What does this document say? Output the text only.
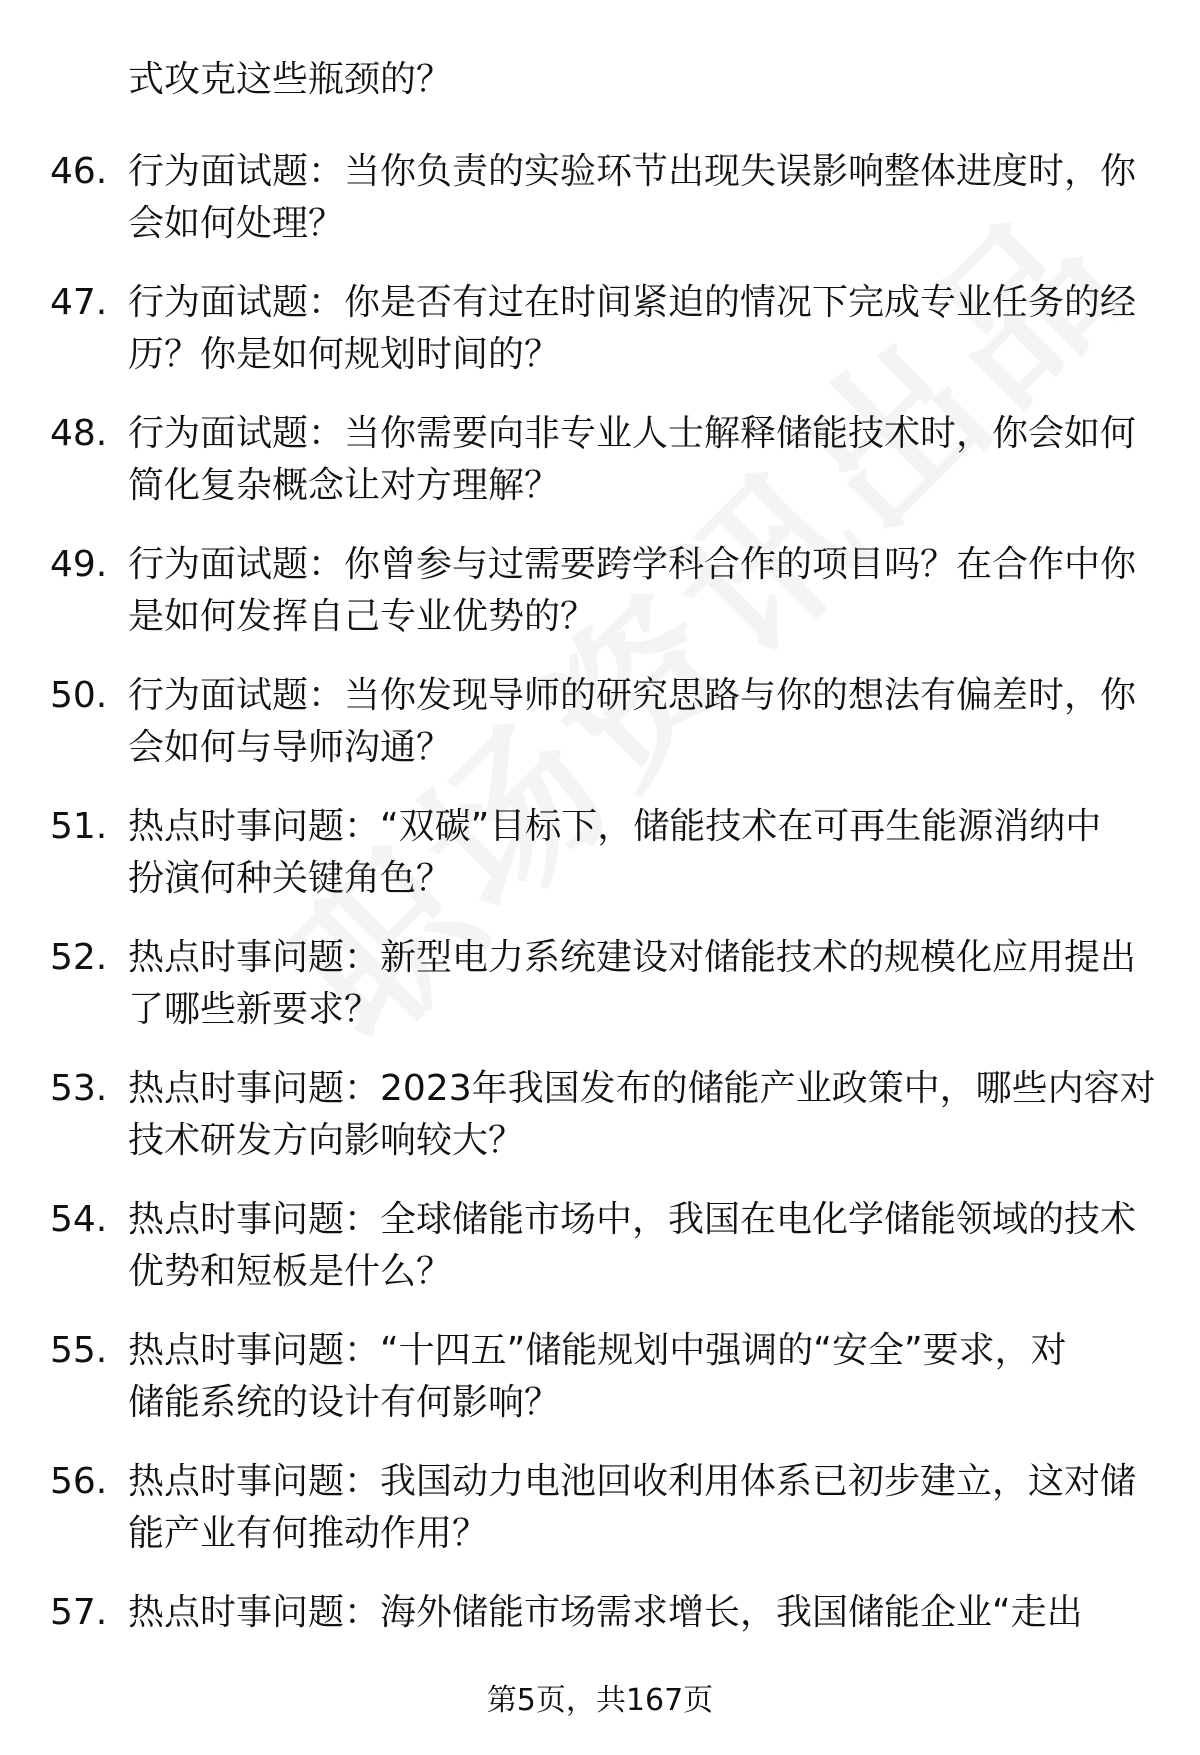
式攻克这些瓶颈的？
46. 行为面试题：当你负责的实验环节出现失误影响整体进度时，你
会如何处理？
47. 行为面试题：你是否有过在时间紧迫的情况下完成专业任务的经
历？你是如何规划时间的？
48. 行为面试题：当你需要向非专业人士解释储能技术时，你会如何
简化复杂概念让对方理解？
49. 行为面试题：你曾参与过需要跨学科合作的项目吗？在合作中你
是如何发挥自己专业优势的？
50. 行为面试题：当你发现导师的研究思路与你的想法有偏差时，你
会如何与导师沟通？
51. 热点时事问题：“双碳”目标下，储能技术在可再生能源消纳中
扮演何种关键角色？
52. 热点时事问题：新型电力系统建设对储能技术的规模化应用提出
了哪些新要求？
53. 热点时事问题：2023年我国发布的储能产业政策中，哪些内容对
技术研发方向影响较大？
54. 热点时事问题：全球储能市场中，我国在电化学储能领域的技术
优势和短板是什么？
55. 热点时事问题：“十四五”储能规划中强调的“安全”要求，对
储能系统的设计有何影响？
56. 热点时事问题：我国动力电池回收利用体系已初步建立，这对储
能产业有何推动作用？
57. 热点时事问题：海外储能市场需求增长，我国储能企业“走出
第5页，共167页
